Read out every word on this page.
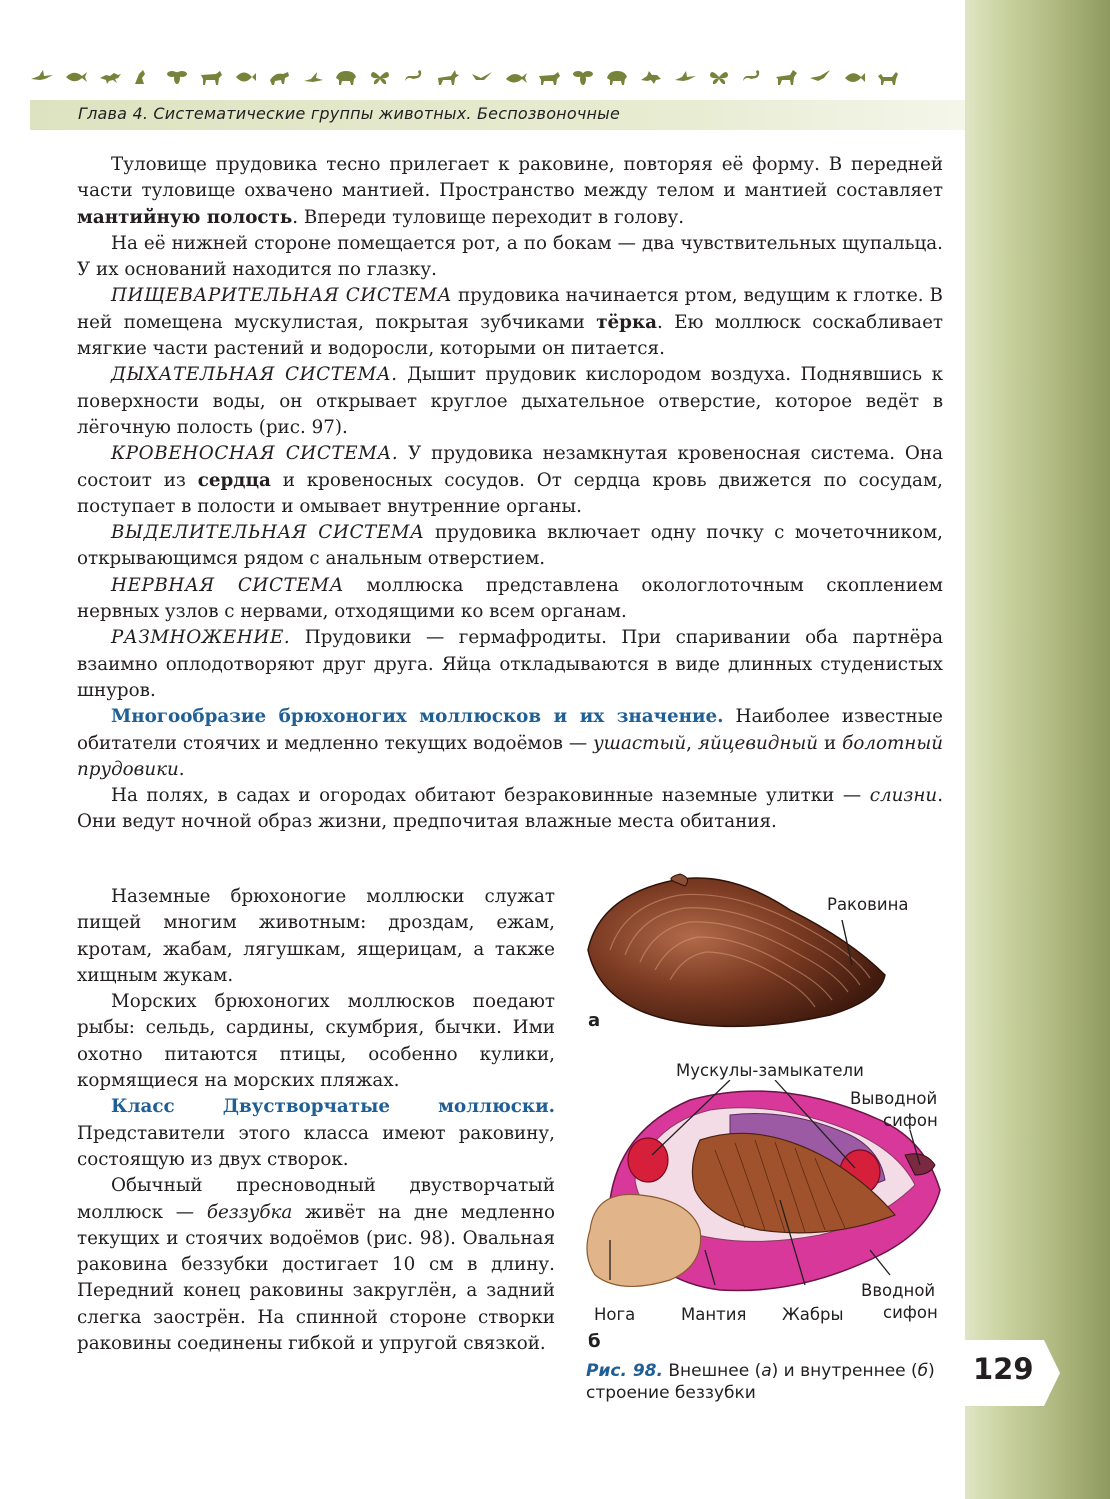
Глава 4. Систематические группы животных. Беспозвоночные

Туловище прудовика тесно прилегает к раковине, повторяя её форму. В передней части туловище охвачено мантией. Пространство между телом и мантией составляет мантийную полость. Впереди туловище переходит в голову.

На её нижней стороне помещается рот, а по бокам — два чувствительных щупальца. У их оснований находится по глазку.

ПИЩЕВАРИТЕЛЬНАЯ СИСТЕМА прудовика начинается ртом, ведущим к глотке. В ней помещена мускулистая, покрытая зубчиками тёрка. Ею моллюск соскабливает мягкие части растений и водоросли, которыми он питается.

ДЫХАТЕЛЬНАЯ СИСТЕМА. Дышит прудовик кислородом воздуха. Поднявшись к поверхности воды, он открывает круглое дыхательное отверстие, которое ведёт в лёгочную полость (рис. 97).

КРОВЕНОСНАЯ СИСТЕМА. У прудовика незамкнутая кровеносная система. Она состоит из сердца и кровеносных сосудов. От сердца кровь движется по сосудам, поступает в полости и омывает внутренние органы.

ВЫДЕЛИТЕЛЬНАЯ СИСТЕМА прудовика включает одну почку с мочеточником, открывающимся рядом с анальным отверстием.

НЕРВНАЯ СИСТЕМА моллюска представлена окологлоточным скоплением нервных узлов с нервами, отходящими ко всем органам.

РАЗМНОЖЕНИЕ. Прудовики — гермафродиты. При спаривании оба партнёра взаимно оплодотворяют друг друга. Яйца откладываются в виде длинных студенистых шнуров.

Многообразие брюхоногих моллюсков и их значение. Наиболее известные обитатели стоячих и медленно текущих водоёмов — ушастый, яйцевидный и болотный прудовики.

На полях, в садах и огородах обитают безраковинные наземные улитки — слизни. Они ведут ночной образ жизни, предпочитая влажные места обитания.

Наземные брюхоногие моллюски служат пищей многим животным: дроздам, ежам, кротам, жабам, лягушкам, ящерицам, а также хищным жукам.

Морских брюхоногих моллюсков поедают рыбы: сельдь, сардины, скумбрия, бычки. Ими охотно питаются птицы, особенно кулики, кормящиеся на морских пляжах.

Класс Двустворчатые моллюски. Представители этого класса имеют раковину, состоящую из двух створок.

Обычный пресноводный двустворчатый моллюск — беззубка живёт на дне медленно текущих и стоячих водоёмов (рис. 98). Овальная раковина беззубки достигает 10 см в длину. Передний конец раковины закруглён, а задний слегка заострён. На спинной стороне створки раковины соединены гибкой и упругой связкой.

Раковина
а
Мускулы-замыкатели
Выводной
сифон
Вводной
сифон
Нога	Мантия Жабры
б
Рис. 98. Внешнее (а) и внутреннее (б) строение беззубки
129
